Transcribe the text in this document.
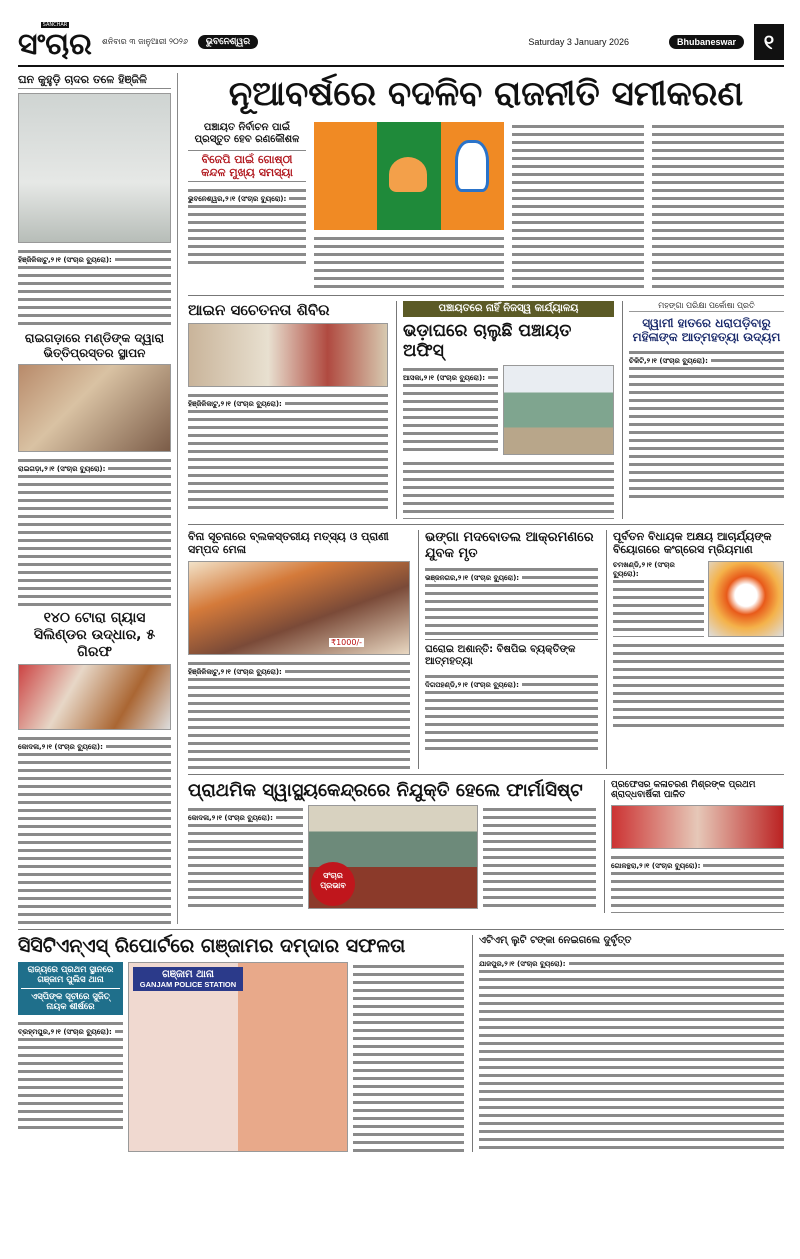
SANCHAR
ସଂଚାର ଶନିବାର ୩ ଜାନୁଆରୀ ୨୦୨୬	ଭୁବନେଶ୍ୱର	Saturday 3 January 2026	Bhubaneswar	୧
ଘନ କୁହୁଡ଼ି ଚାଦର ତଳେ ହିଞ୍ଜିଳି
ହିଞ୍ଜିଳିକାଟୁ,୨।୧ (ସଂଚାର ବ୍ୟୁରୋ):
ରାଇଗଡ଼ାରେ ମଣ୍ଡିଙ୍କ ଦ୍ୱାରା ଭିତ୍ତିପ୍ରସ୍ତର ସ୍ଥାପନ
ରାଇଗଡ଼ା,୨।୧ (ସଂଚାର ବ୍ୟୁରୋ):
୧୪୦ ଟୋରା ଗ୍ୟାସ ସିଲିଣ୍ଡର ଉଦ୍ଧାର, ୫ ଗିରଫ
କୋଦଳା,୨।୧ (ସଂଚାର ବ୍ୟୁରୋ):
ନୂଆବର୍ଷରେ ବଦଳିବ ରାଜନୀତି ସମୀକରଣ
ପଞ୍ଚାୟତ ନିର୍ବାଚନ ପାଇଁ ପ୍ରସ୍ତୁତ ହେବ ରଣକୌଶଳ
ବିଜେପି ପାଇଁ ଗୋଷ୍ଠୀ କନ୍ଦଳ ମୁଖ୍ୟ ସମସ୍ୟା
ଭୁବନେଶ୍ୱର,୨।୧ (ସଂଚାର ବ୍ୟୁରୋ):
ଆଇନ ସଚେତନତା ଶିବିର
ହିଞ୍ଜିଳିକାଟୁ,୨।୧ (ସଂଚାର ବ୍ୟୁରୋ):
ପଞ୍ଚାୟତରେ ନାହିଁ ନିଜସ୍ୱ କାର୍ଯ୍ୟାଳୟ
ଭଡ଼ାଘରେ ଚାଲୁଛି ପଞ୍ଚାୟତ ଅଫିସ୍
ଆସକା,୨।୧ (ସଂଚାର ବ୍ୟୁରୋ):
ମହଙ୍ଗା ପରିକ୍ଷା ପର୍କୋଷା ପ୍ରତି
ସ୍ୱାମୀ ହାତରେ ଧରାପଡ଼ିବାରୁ ମହିଳାଙ୍କ ଆତ୍ମହତ୍ୟା ଉଦ୍ୟମ
ଚିକିଟି,୨।୧ (ସଂଚାର ବ୍ୟୁରୋ):
ବିନା ସୂଚନାରେ ବ୍ଲକସ୍ତରୀୟ ମତ୍ସ୍ୟ ଓ ପ୍ରାଣୀ ସମ୍ପଦ ମେଳା
₹1000/-
ହିଞ୍ଜିଳିକାଟୁ,୨।୧ (ସଂଚାର ବ୍ୟୁରୋ):
ଭଙ୍ଗା ମଦବୋତଲ ଆକ୍ରମଣରେ ଯୁବକ ମୃତ
ଭଞ୍ଜନଗର,୨।୧ (ସଂଚାର ବ୍ୟୁରୋ):
ଘରୋଇ ଅଶାନ୍ତି: ବିଷପିଇ ବ୍ୟକ୍ତିଙ୍କ ଆତ୍ମହତ୍ୟା
ଦିଗପହଣ୍ଡି,୨।୧ (ସଂଚାର ବ୍ୟୁରୋ):
ପୂର୍ବତନ ବିଧାୟକ ଅକ୍ଷୟ ଆଚାର୍ଯ୍ୟଙ୍କ ବିୟୋଗରେ କଂଗ୍ରେସ ମ୍ରିୟମାଣ
ଚମଖଣ୍ଡି,୨।୧ (ସଂଚାର ବ୍ୟୁରୋ):
ପ୍ରାଥମିକ ସ୍ୱାସ୍ଥ୍ୟକେନ୍ଦ୍ରରେ ନିଯୁକ୍ତି ହେଲେ ଫାର୍ମାସିଷ୍ଟ
କୋଦଳା,୨।୧ (ସଂଚାର ବ୍ୟୁରୋ):
ସଂଚାର ପ୍ରଭାବ
ପ୍ରଫେସର କଳାଚରଣ ମିଶ୍ରଙ୍କ ପ୍ରଥମ ଶ୍ରାଦ୍ଧବାର୍ଷିକୀ ପାଳିତ
ଗୋଳନ୍ଥରା,୨।୧ (ସଂଚାର ବ୍ୟୁରୋ):
ସିସିଟିଏନ୍ଏସ୍ ରିପୋର୍ଟରେ ଗଞ୍ଜାମର ଦମ୍ଦାର ସଫଳତା
ରାଜ୍ୟରେ ପ୍ରଥମ ସ୍ଥାନରେ ଗଞ୍ଜାମ ପୁଲିସ ଥାନା
ଏସ୍‌ପିଙ୍କ ସୂଚୀରେ ସୁଜିତ୍ ନାୟକ ଶୀର୍ଷରେ
ବ୍ରହ୍ମପୁର,୨।୧ (ସଂଚାର ବ୍ୟୁରୋ):
ଗଞ୍ଜାମ ଥାନା
GANJAM POLICE STATION
ଏଟିଏମ୍ ଲୁଟି ଟଙ୍କା ନେଇଗଲେ ଦୁର୍ବୃତ୍ତ
ଯାଜପୁର,୨।୧ (ସଂଚାର ବ୍ୟୁରୋ):
